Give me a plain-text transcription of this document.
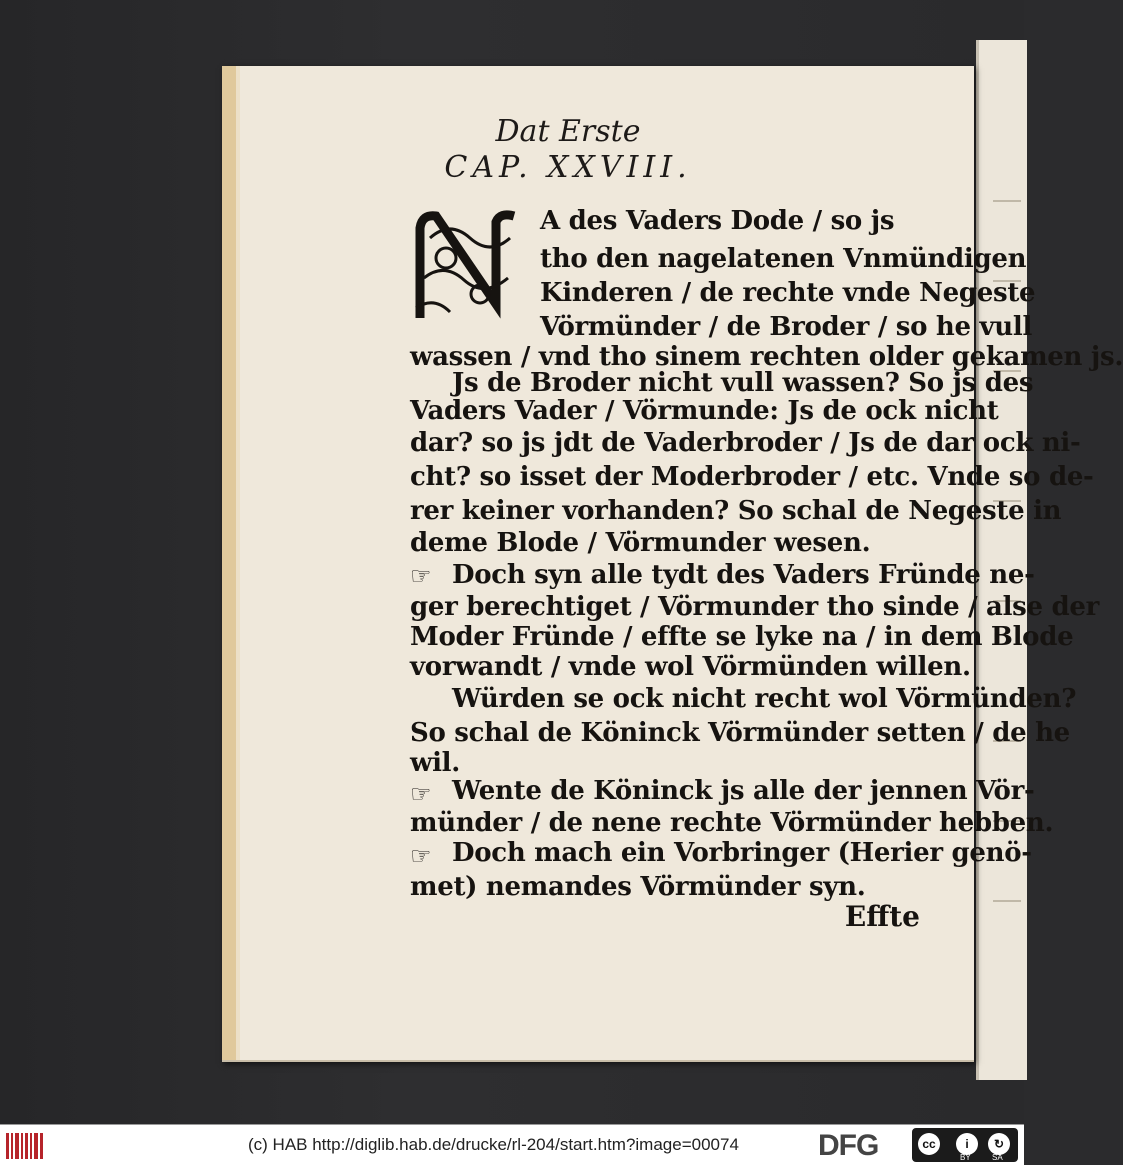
Dat Erste
CAP. XXVIII.
A des Vaders Dode / so js
tho den nagelatenen Vnmündigen
Kinderen / de rechte vnde Negeste
Vörmünder / de Broder / so he vull
wassen / vnd tho sinem rechten older gekamen js.
Js de Broder nicht vull wassen? So js des
Vaders Vader / Vörmunde: Js de ock nicht
dar? so js jdt de Vaderbroder / Js de dar ock ni-
cht? so isset der Moderbroder / etc. Vnde so de-
rer keiner vorhanden? So schal de Negeste in
deme Blode / Vörmunder wesen.
☞ Doch syn alle tydt des Vaders Fründe ne-
ger berechtiget / Vörmunder tho sinde / alse der
Moder Fründe / effte se lyke na / in dem Blode
vorwandt / vnde wol Vörmünden willen.
Würden se ock nicht recht wol Vörmünden?
So schal de Köninck Vörmünder setten / de he
wil.
☞ Wente de Köninck js alle der jennen Vör-
münder / de nene rechte Vörmünder hebben.
☞ Doch mach ein Vorbringer (Herier genö-
met) nemandes Vörmünder syn.
Effte
(c) HAB http://diglib.hab.de/drucke/rl-204/start.htm?image=00074	DFG	cc	i	↻
BY	SA
